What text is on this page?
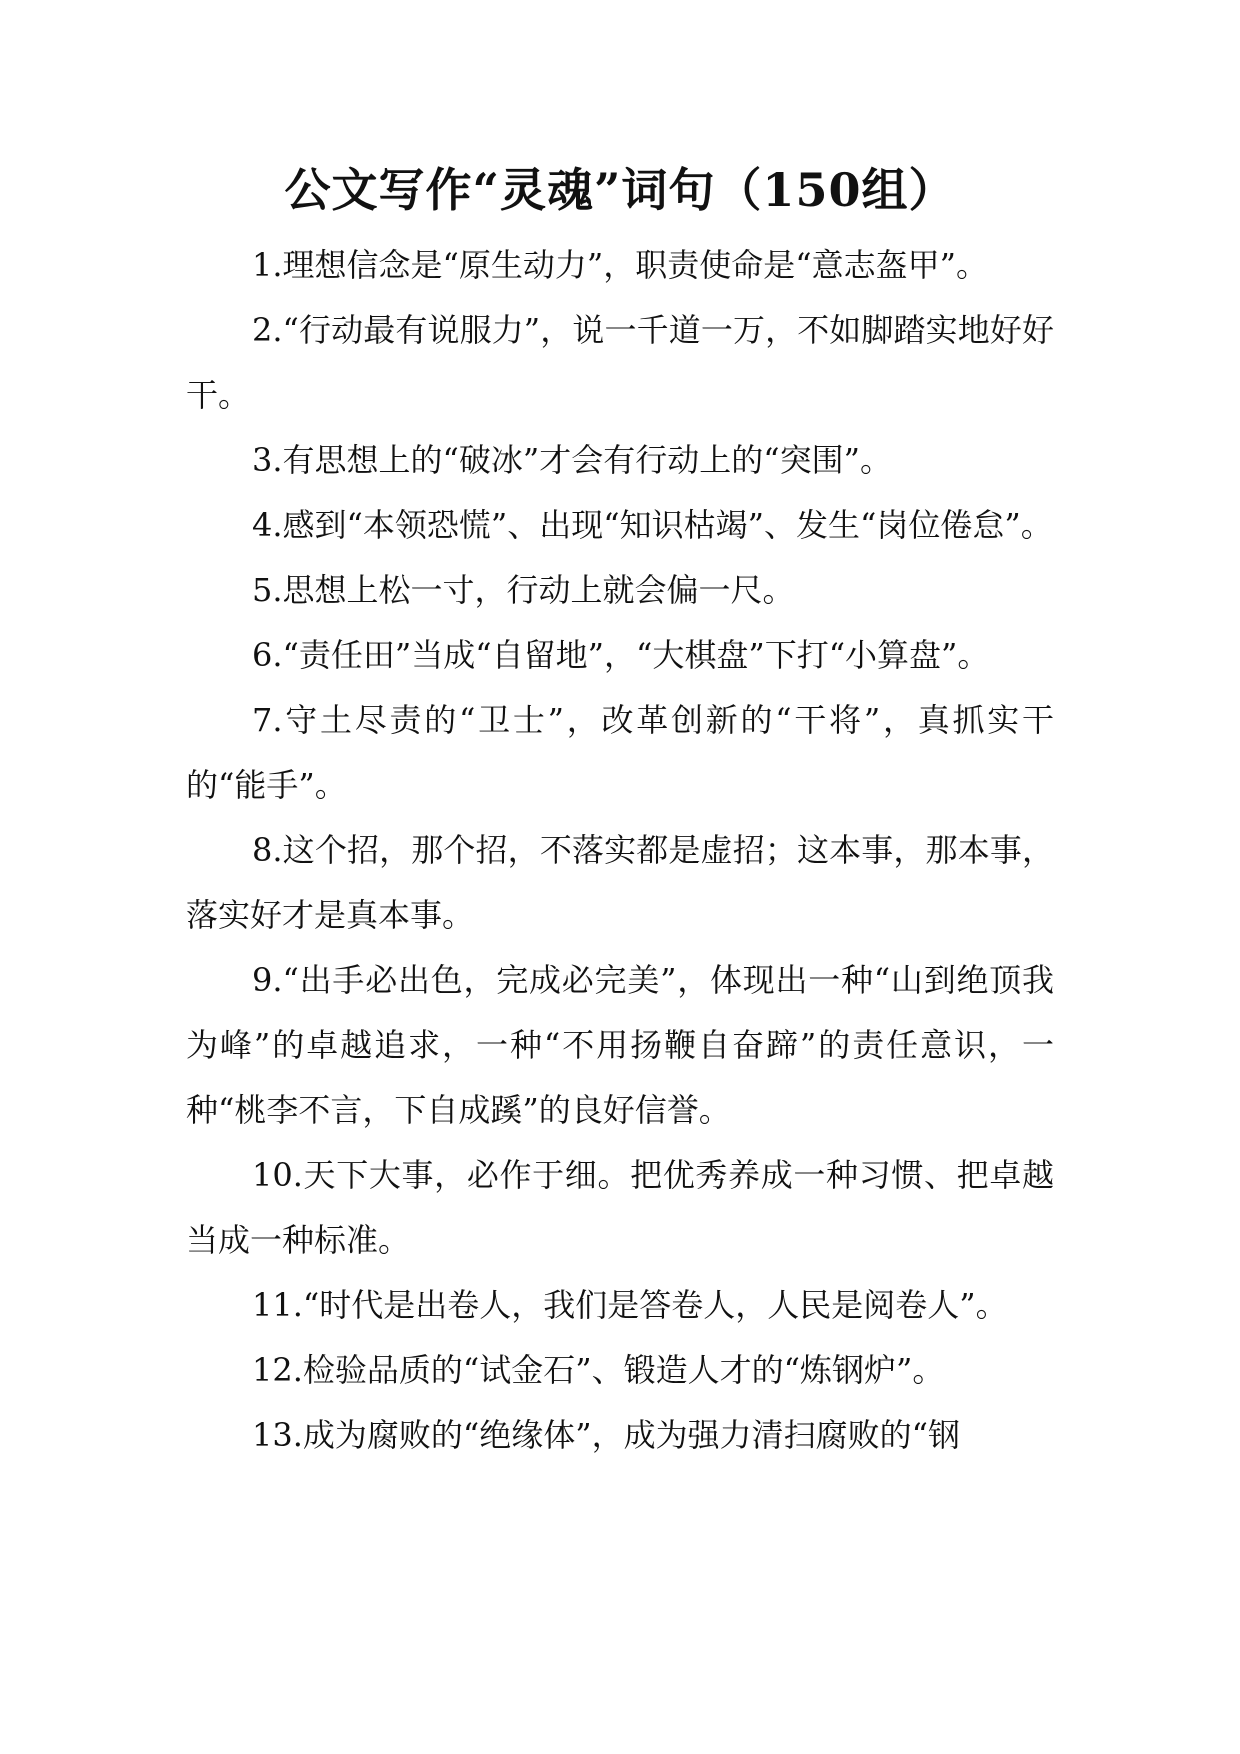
公文写作“灵魂”词句（150组）

1.理想信念是“原生动力”，职责使命是“意志盔甲”。

2.“行动最有说服力”，说一千道一万，不如脚踏实地好好干。

3.有思想上的“破冰”才会有行动上的“突围”。

4.感到“本领恐慌”、出现“知识枯竭”、发生“岗位倦怠”。

5.思想上松一寸，行动上就会偏一尺。

6.“责任田”当成“自留地”，“大棋盘”下打“小算盘”。

7.守土尽责的“卫士”，改革创新的“干将”，真抓实干的“能手”。

8.这个招，那个招，不落实都是虚招；这本事，那本事，落实好才是真本事。

9.“出手必出色，完成必完美”，体现出一种“山到绝顶我为峰”的卓越追求，一种“不用扬鞭自奋蹄”的责任意识，一种“桃李不言，下自成蹊”的良好信誉。

10.天下大事，必作于细。把优秀养成一种习惯、把卓越当成一种标准。

11.“时代是出卷人，我们是答卷人，人民是阅卷人”。

12.检验品质的“试金石”、锻造人才的“炼钢炉”。

13.成为腐败的“绝缘体”，成为强力清扫腐败的“钢
